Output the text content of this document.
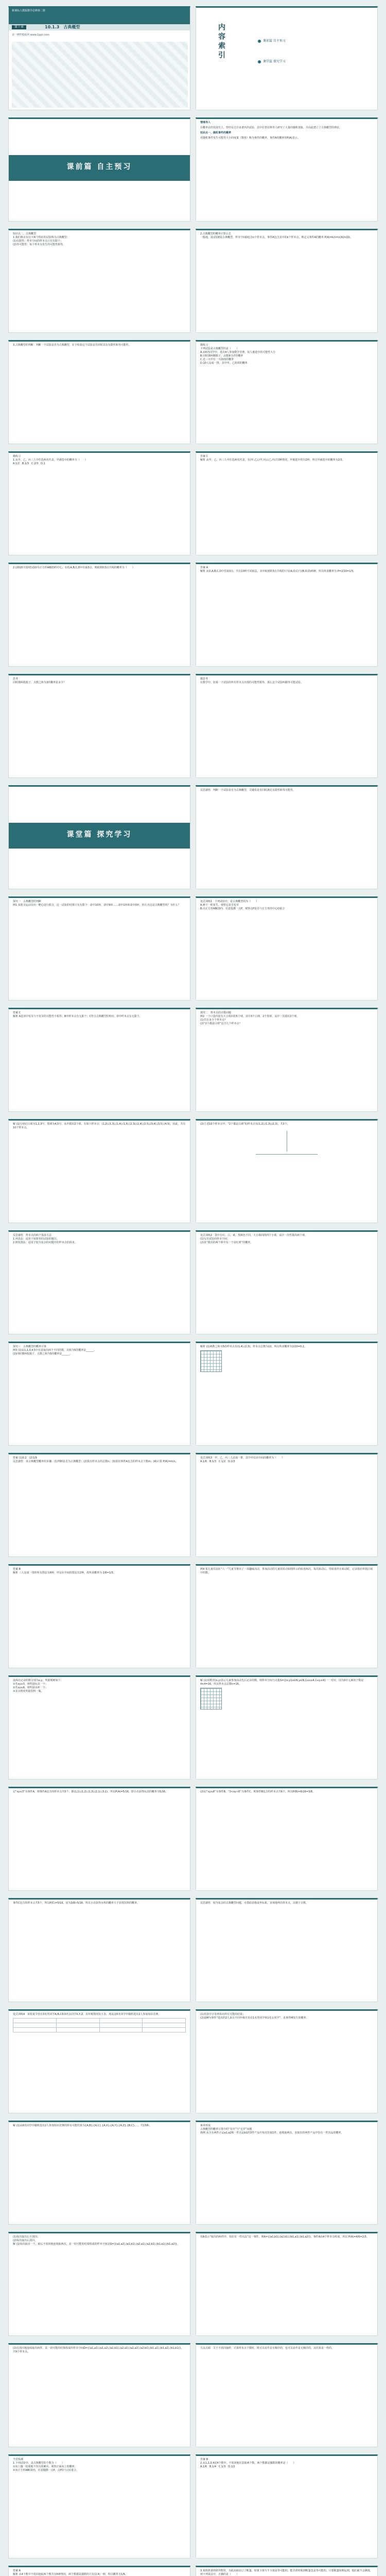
新课标人教版数学必修第二册
第十章	10.1.3　古典概型
第一PPT模板网 www.1ppt.com	内容索引	课前篇 自主预习
课堂篇 探究学习
课前篇 自主预习

情境导入

在概率论的发展史上，曾经有过许多著名的试验，其中拉普拉斯等人研究了大量的随机现象，并由此建立了古典概型的理论。

知识点一、随机事件的概率

对随机事件发生可能性大小的度量（数值）称为事件的概率，事件A的概率用P(A)表示。

知识点二、古典概型
1.我们将具有以下两个特征的试验称为古典概型：
(1)有限性：样本空间的样本点只有有限个；
(2)等可能性：每个样本点发生的可能性相等。

2.古典概型的概率计算公式
一般地，设试验E是古典概型，样本空间Ω包含n个样本点，事件A包含其中的k个样本点，则定义事件A的概率 P(A)=k/n=n(A)/n(Ω)。

3.古典概型的判断：判断一个试验是否为古典概型，在于检验这个试验是否同时具有有限性和等可能性。	微练习
下列试验是古典概型的是（　　）
A.从6名同学中，选出4人参加数学竞赛，每人被选中的可能性大小
B.同时掷两颗骰子，点数和为7的概率
C.近三天中有一天降雨的概率
D.10人站成一排，其中甲、乙相邻的概率

微练习
1.从甲、乙、丙三人中任选两名代表，甲被选中的概率为（　　）
A.1/2　B.1/3　C.2/3　D.1

答案 C
解析 从甲、乙、丙三人中任选两名代表，有(甲,乙),(甲,丙),(乙,丙)共3种情况，甲被选中的有2种，所以甲被选中的概率为2/3。

2.(2020全国Ⅰ卷)设O为正方形ABCD的中心，在O,A,B,C,D中任取3点，则取到的3点共线的概率为（　　）	答案 A
解析 从O,A,B,C,D中任取3点，共有10种不同取法，其中取到的3点共线的只有(A,O,C)与(B,O,D)两种，所以所求概率为 P=2/10=1/5。

思考
同时掷两枚骰子，点数之和为3的概率是多少？

微思考
在数学中，如果一个试验的所有样本点出现的可能性相等，那么这个试验叫做等可能试验。

课堂篇 探究学习

反思感悟　判断一个试验是否为古典概型，关键看是否同时满足有限性和等可能性。

探究一　古典概型的判断
例1 某射击运动员向一靶心进行射击，这一试验的结果只有有限个：命中10环，命中9环……命中1环和命中0环。你认为这是古典概型吗？为什么？

变式训练1　下列试验中，是古典概型的为（　　）
A.种下一粒花生，观察它是否发芽
B.向正方形ABCD内，任意投掷一点P，观察点P是否与正方形的中心O重合

答案 C
解析 A选项中发芽与不发芽的可能性不相等；B中样本点有无限个；C符合古典概型的特征；D中样本点有无限个。

探究二　样本点的计数问题
例2 一个口袋内装有大小相同的5个球，其中3个白球、2个黑球，从中一次摸出2个球。
(1)共有多少个样本点？
(2)“2个都是白球”包含几个样本点？

解 (1)分别记白球为1,2,3号，黑球为4,5号，从中摸出2个球，有如下样本点：(1,2),(1,3),(1,4),(1,5),(2,3),(2,4),(2,5),(3,4),(3,5),(4,5)，因此，共有10个样本点。

(2)上述10个样本点中，“2个都是白球”的样本点有(1,2),(1,3),(2,3)，共3个。

反思感悟　样本点的两个探求方法
1.列表法：适用于较简单的试验的题目。
2.树状图法：适用于较为复杂的问题中的样本点的探求。

变式训练2　袋中有红、白、黄、黑颜色不同，大小相同的四个小球，从中一次性摸出两个球。
(1)写出试验的样本空间；
(2)求“摸出的两个球中有一个是红球”的概率。

探究三　古典概型的概率计算
例3 (1)从1,2,3,4,5中任意取出两个不同的数，其和为5的概率是______。
(2)同时掷两枚骰子，点数之和为5的概率是______。

解析 (1)两数之和为5的样本点有(1,4),(2,3)，样本点总数为10，所以所求概率为2/10=0.2。

答案 (1)0.2　(2)1/9
反思感悟　求古典概型概率的步骤：(1)判断是否为古典概型；(2)算出样本点的总数n；(3)算出事件A包含的样本点个数m；(4)计算 P(A)=m/n。

变式训练3　甲、乙、丙三人站成一排，其中甲站在中间的概率为（　　）
A.1/6　B.1/3　C.1/2　D.2/3

答案 B
解析 三人站成一排的所有排法有6种，甲站在中间的排法有2种，故所求概率为 2/6=1/3。

例4 某儿童乐园在“六一”儿童节推出了一项趣味活动，参加活动的儿童需转动如图所示的转盘两次，每次转动后，待转盘停止转动时，记录指针所指区域中的数。

设两次记录的数分别为x,y，奖励规则如下：
①若xy≤3，则奖励玩具一个；
②若xy≥8，则奖励水杯一个；
③其余情况奖励饮料一瓶。

解 (1)用数对(x,y)表示儿童参加活动先后记录的数，则样本空间与点集S={(x,y)|x∈N,y∈N,1≤x≤4,1≤y≤4}一一对应，因为S中元素的个数是4×4=16，所以样本点总数n=16。

记“xy≤3”为事件A，则事件A包含的样本点共5个，即(1,1),(1,2),(1,3),(2,1),(3,1)，所以P(A)=5/16，即小亮获得玩具的概率为5/16。	(2)记“xy≥8”为事件B，“3<xy<8”为事件C，则事件B包含的样本点共6个，所以P(B)=6/16=3/8。

事件C包含的样本点共5个，所以P(C)=5/16。因为3/8>5/16，所以小亮获得水杯的概率大于获得饮料的概率。	反思感悟　较为复杂的古典概型问题，可借助表格或坐标系，直观地列出样本点，以便于计数。

变式训练4　某校夏令营有3名男同学A,B,C和3名女同学X,Y,Z，其年级情况如下表，现从这6名同学中随机选出2人参加知识竞赛。

				(1)用表中字母列举出所有可能的结果；
(2)设M为事件“选出的2人来自不同年级且恰有1名男同学和1名女同学”，求事件M发生的概率。

解 (1)从6名同学中随机选出2人参加知识竞赛的所有可能结果为{A,B},{A,C},{A,X},{A,Y},{A,Z},{B,C},…，共15种。	素养形成
古典概型的概率计算中的“有序”与“无序”问题
典例 从含有两件正品a1,a2和一件次品b1的3件产品中每次任取1件，连续取两次，求取出的两件产品中恰有一件次品的概率。

(1)每次取出后不放回；
(2)每次取出后放回。
解 (1)每次取出一个，取后不放回地连续取两次，其一切可能的结果组成的样本空间是Ω={(a1,a2),(a1,b1),(a2,a1),(a2,b1),(b1,a1),(b1,a2)}。

用A表示“取出的两件中，恰好有一件次品”这一事件，则A={(a1,b1),(a2,b1),(b1,a1),(b1,a2)}，事件A由4个样本点组成，所以 P(A)=4/6=2/3。

(2)有放回地连续取出两件，其一切可能的结果组成的样本空间Ω={(a1,a1),(a1,a2),(a1,b1),(a2,a1),(a2,a2),(a2,b1),(b1,a1),(b1,a2),(b1,b1)}，共9个样本点。

方法点睛　关于不放回抽样，计算样本点个数时，既可以看作是有顺序的，也可以看作是无顺序的，其结果是一样的。

当堂检测
1.下列试验中，是古典概型的个数为（　　）
①向上抛一枚质地不均匀的硬币，观察正面向上的概率；
②向正方形ABCD内，任意抛掷一点P，点P恰与点C重合。

答案 B
2.从1,2,3,4这4个数中，不放回地任意取两个数，两个数都是偶数的概率是（　　）
A.1/6　B.1/4　C.1/3　D.1/2

答案 A
解析 从4个数中不放回地取两个数共有6种情况，两个数都是偶数的只有(2,4)一种，所以概率为1/6。

3.某班准备到郊外野营，为此向商店订了帐篷，如果下雨与不下雨是等可能的，能否准时收到帐篷也是等可能的，只要帐篷如期运到，他们就不会淋雨，则下列说法中，正确的是（　　）
